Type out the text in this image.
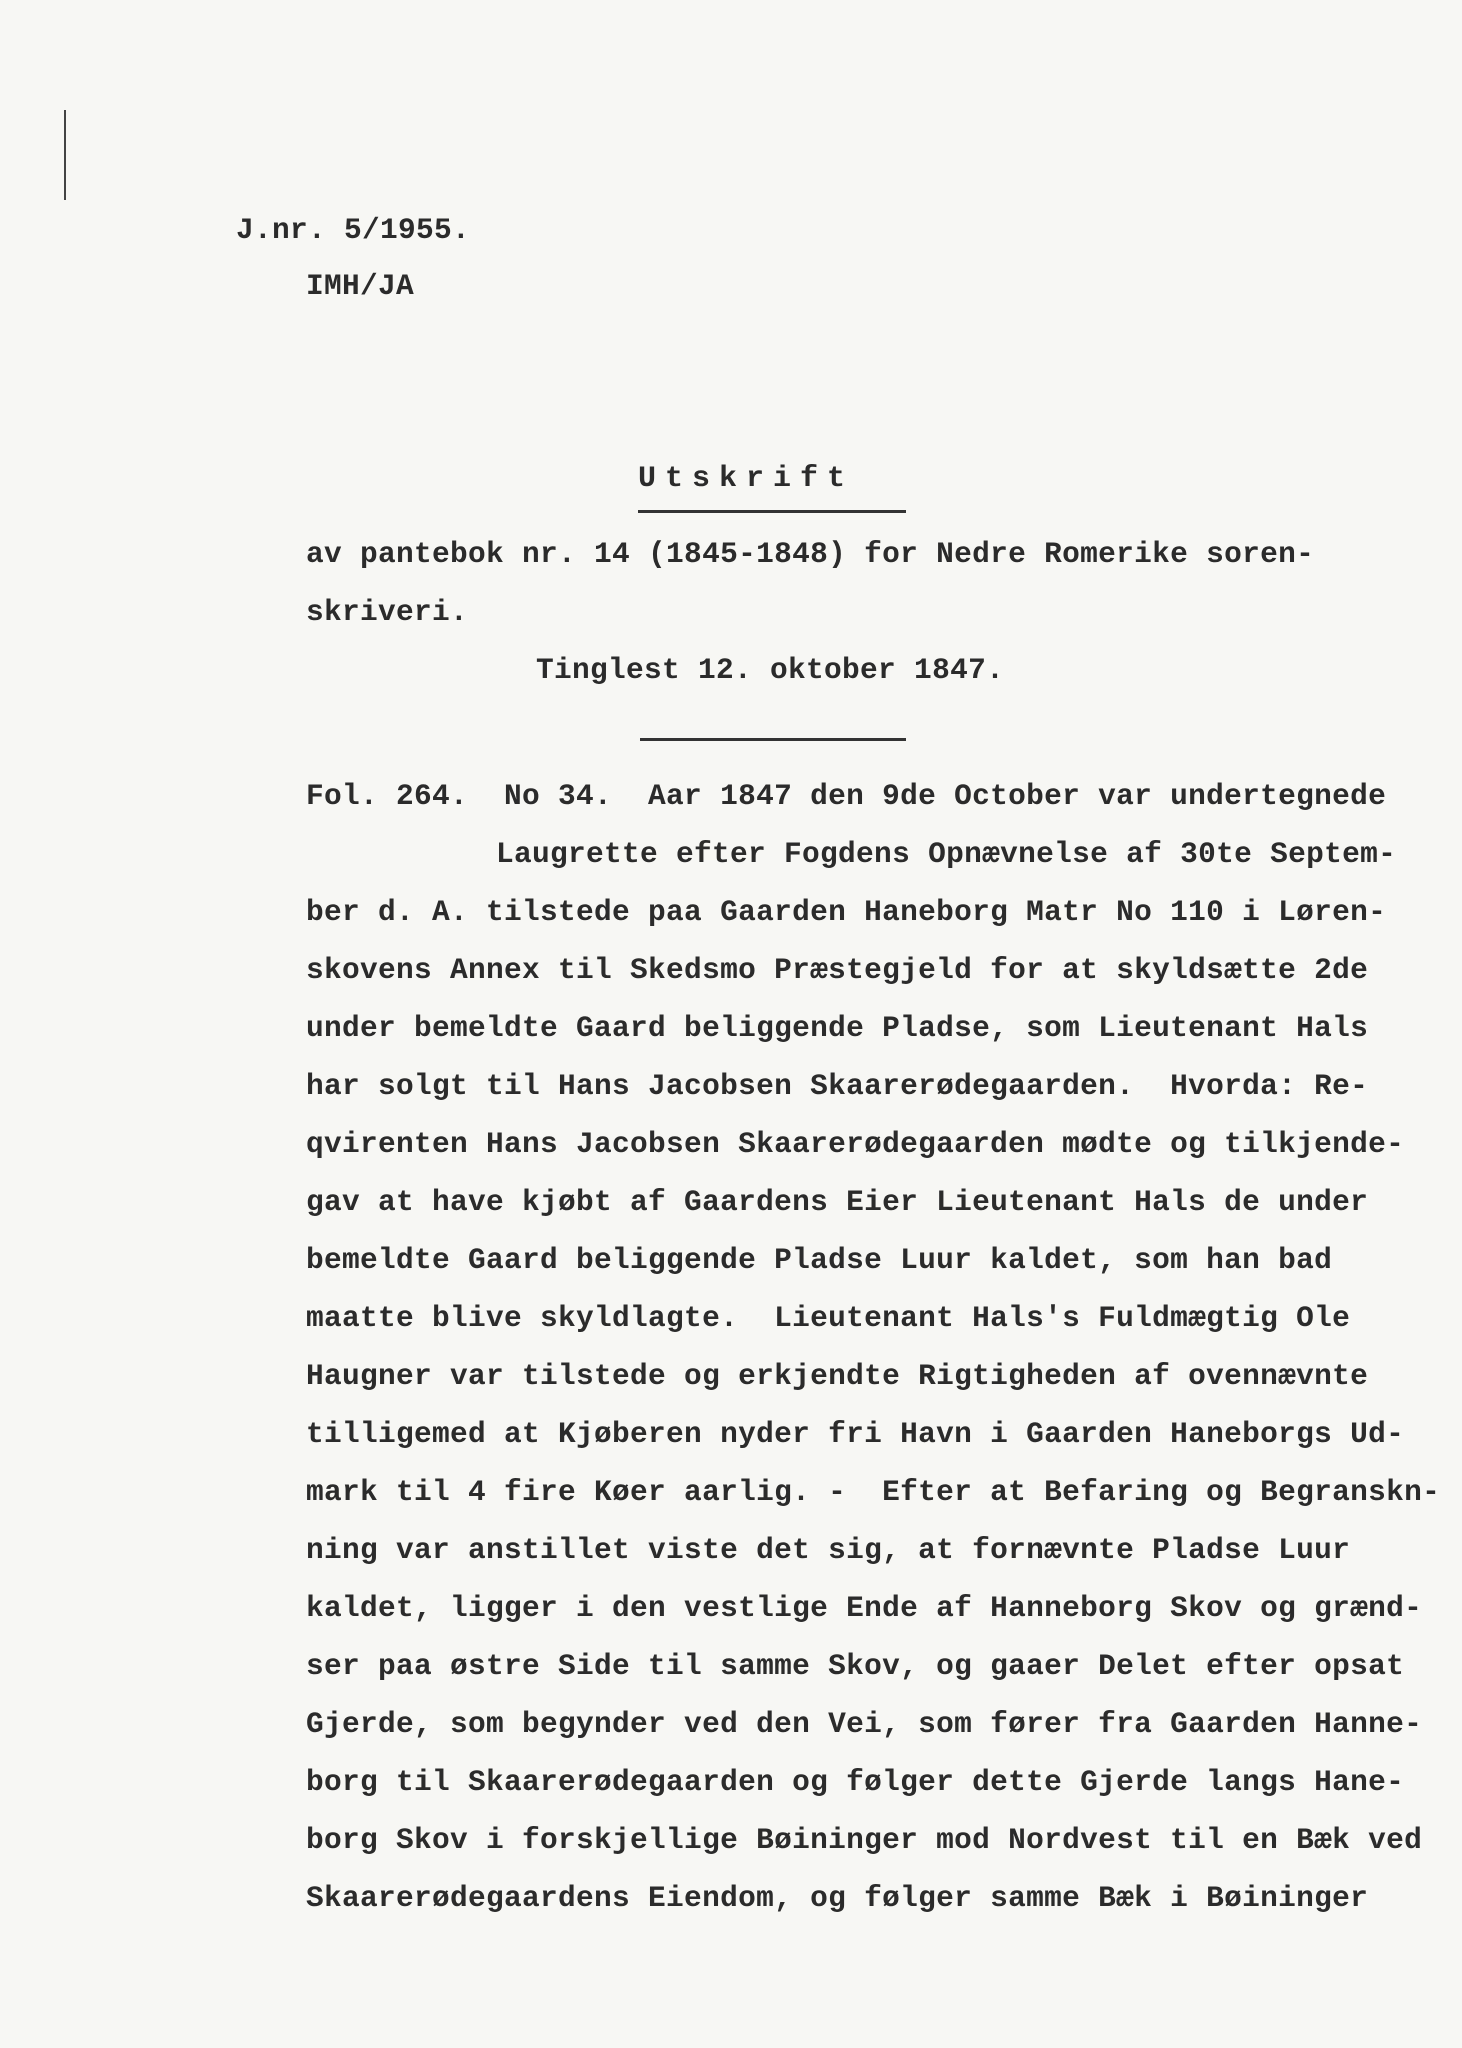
J.nr. 5/1955.
IMH/JA
Utskrift
av pantebok nr. 14 (1845-1848) for Nedre Romerike soren-
skriveri.
Tinglest 12. oktober 1847.
Fol. 264.  No 34.  Aar 1847 den 9de October var undertegnede
Laugrette efter Fogdens Opnævnelse af 30te Septem-
ber d. A. tilstede paa Gaarden Haneborg Matr No 110 i Løren-
skovens Annex til Skedsmo Præstegjeld for at skyldsætte 2de
under bemeldte Gaard beliggende Pladse, som Lieutenant Hals
har solgt til Hans Jacobsen Skaarerødegaarden.  Hvorda: Re-
qvirenten Hans Jacobsen Skaarerødegaarden mødte og tilkjende-
gav at have kjøbt af Gaardens Eier Lieutenant Hals de under
bemeldte Gaard beliggende Pladse Luur kaldet, som han bad
maatte blive skyldlagte.  Lieutenant Hals's Fuldmægtig Ole
Haugner var tilstede og erkjendte Rigtigheden af ovennævnte
tilligemed at Kjøberen nyder fri Havn i Gaarden Haneborgs Ud-
mark til 4 fire Køer aarlig. -  Efter at Befaring og Begranskn-
ning var anstillet viste det sig, at fornævnte Pladse Luur
kaldet, ligger i den vestlige Ende af Hanneborg Skov og grænd-
ser paa østre Side til samme Skov, og gaaer Delet efter opsat
Gjerde, som begynder ved den Vei, som fører fra Gaarden Hanne-
borg til Skaarerødegaarden og følger dette Gjerde langs Hane-
borg Skov i forskjellige Bøininger mod Nordvest til en Bæk ved
Skaarerødegaardens Eiendom, og følger samme Bæk i Bøininger
